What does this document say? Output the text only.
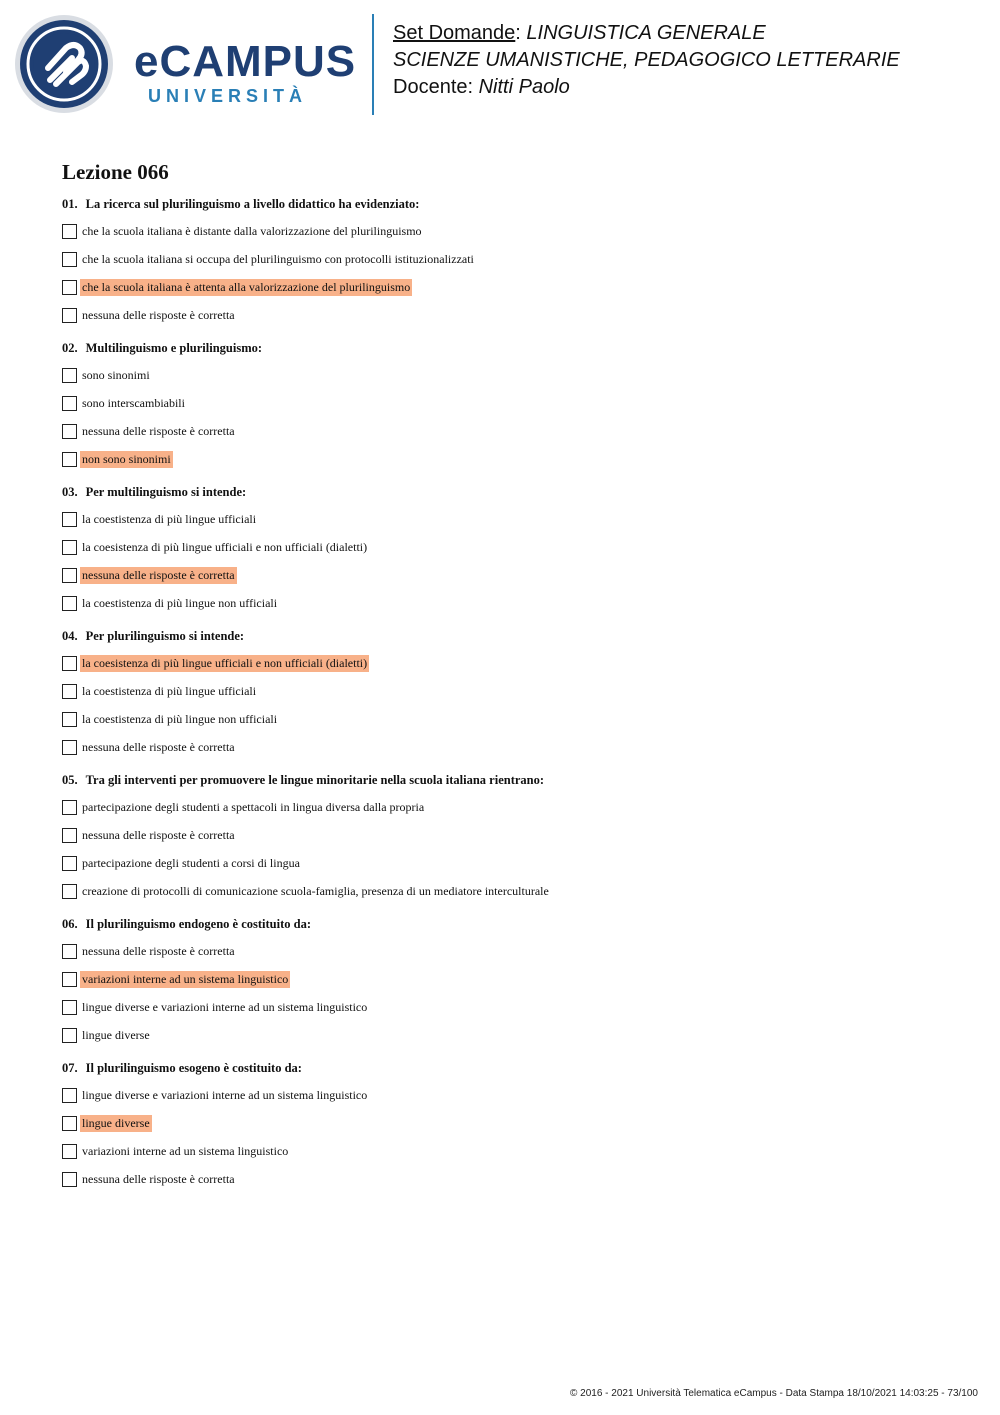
eCAMPUS
UNIVERSITÀ
Set Domande: LINGUISTICA GENERALE
SCIENZE UMANISTICHE, PEDAGOGICO LETTERARIE
Docente: Nitti Paolo
Lezione 066
01. La ricerca sul plurilinguismo a livello didattico ha evidenziato:
che la scuola italiana è distante dalla valorizzazione del plurilinguismo
che la scuola italiana si occupa del plurilinguismo con protocolli istituzionalizzati
che la scuola italiana è attenta alla valorizzazione del plurilinguismo
nessuna delle risposte è corretta
02. Multilinguismo e plurilinguismo:
sono sinonimi
sono interscambiabili
nessuna delle risposte è corretta
non sono sinonimi
03. Per multilinguismo si intende:
la coestistenza di più lingue ufficiali
la coesistenza di più lingue ufficiali e non ufficiali (dialetti)
nessuna delle risposte è corretta
la coestistenza di più lingue non ufficiali
04. Per plurilinguismo si intende:
la coesistenza di più lingue ufficiali e non ufficiali (dialetti)
la coestistenza di più lingue ufficiali
la coestistenza di più lingue non ufficiali
nessuna delle risposte è corretta
05. Tra gli interventi per promuovere le lingue minoritarie nella scuola italiana rientrano:
partecipazione degli studenti a spettacoli in lingua diversa dalla propria
nessuna delle risposte è corretta
partecipazione degli studenti a corsi di lingua
creazione di protocolli di comunicazione scuola-famiglia, presenza di un mediatore interculturale
06. Il plurilinguismo endogeno è costituito da:
nessuna delle risposte è corretta
variazioni interne ad un sistema linguistico
lingue diverse e variazioni interne ad un sistema linguistico
lingue diverse
07. Il plurilinguismo esogeno è costituito da:
lingue diverse e variazioni interne ad un sistema linguistico
lingue diverse
variazioni interne ad un sistema linguistico
nessuna delle risposte è corretta
© 2016 - 2021 Università Telematica eCampus - Data Stampa 18/10/2021 14:03:25 - 73/100
